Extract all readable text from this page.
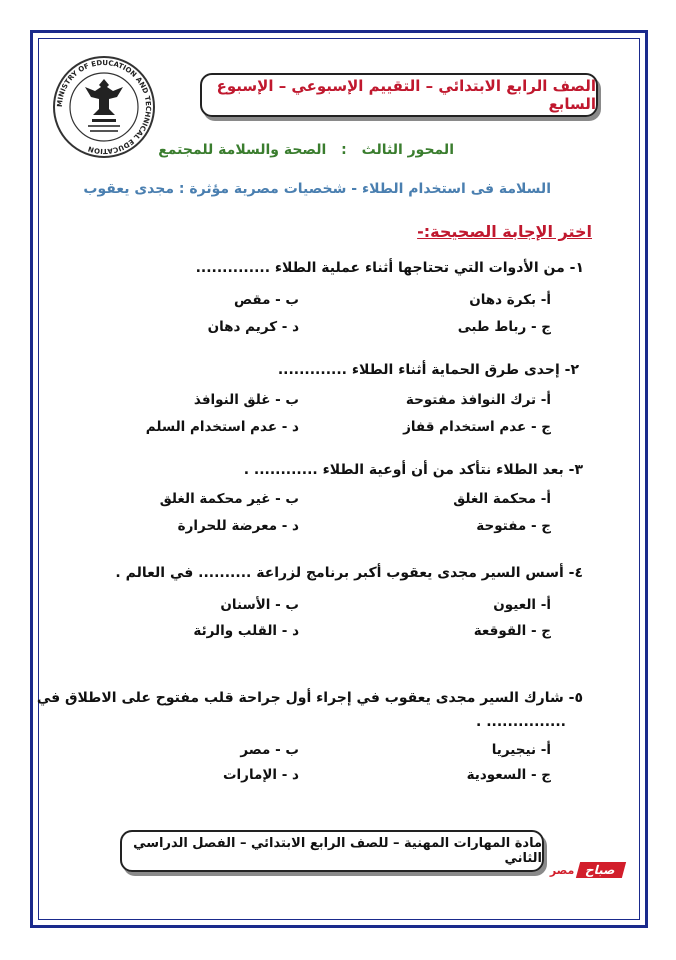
MINISTRY OF EDUCATION AND TECHNICAL EDUCATION
الصف الرابع الابتدائي – التقييم الإسبوعي – الإسبوع السابع
المحور الثالث : الصحة والسلامة للمجتمع
السلامة فى استخدام الطلاء - شخصيات مصرية مؤثرة : مجدى يعقوب
اختر الإجابة الصحيحة:-
١- من الأدوات التي تحتاجها أثناء عملية الطلاء ..............
أ- بكرة دهان
ب - مقص
ج - رباط طبى
د - كريم دهان
٢- إحدى طرق الحماية أثناء الطلاء .............
أ- ترك النوافذ مفتوحة
ب - غلق النوافذ
ج - عدم استخدام قفاز
د - عدم استخدام السلم
٣- بعد الطلاء نتأكد من أن أوعية الطلاء ............ .
أ- محكمة الغلق
ب - غير محكمة الغلق
ج - مفتوحة
د - معرضة للحرارة
٤- أسس السير مجدى يعقوب أكبر برنامج لزراعة .......... في العالم .
أ- العيون
ب - الأسنان
ج - القوقعة
د - القلب والرئة
٥- شارك السير مجدى يعقوب في إجراء أول جراحة قلب مفتوح على الاطلاق في
............... .
أ- نيجيريا
ب - مصر
ج - السعودية
د - الإمارات
مادة المهارات المهنية – للصف الرابع الابتدائي – الفصل الدراسي الثاني
صباح
مصر
